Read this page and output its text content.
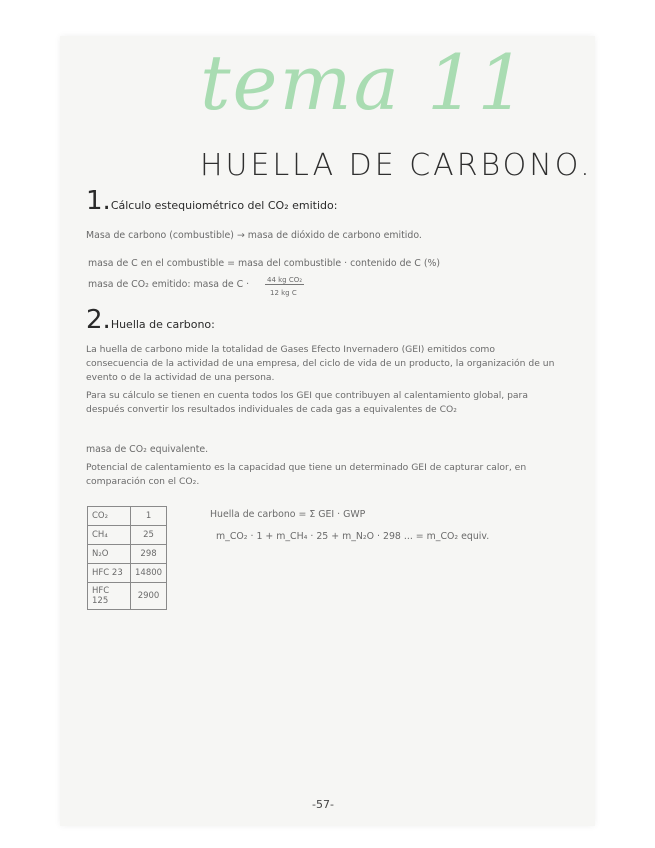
tema 11
HUELLA DE CARBONO.
1.Cálculo estequiométrico del CO₂ emitido:
Masa de carbono (combustible) → masa de dióxido de carbono emitido.
masa de C en el combustible = masa del combustible · contenido de C (%)
masa de CO₂ emitido: masa de C ·	44 kg CO₂
12 kg C
2.Huella de carbono:
La huella de carbono mide la totalidad de Gases Efecto Invernadero (GEI) emitidos como consecuencia de la actividad de una empresa, del ciclo de vida de un producto, la organización de un evento o de la actividad de una persona.
Para su cálculo se tienen en cuenta todos los GEI que contribuyen al calentamiento global, para después convertir los resultados individuales de cada gas a equivalentes de CO₂
masa de CO₂ equivalente.
Potencial de calentamiento es la capacidad que tiene un determinado GEI de capturar calor, en comparación con el CO₂.
CO₂	1
CH₄	25
N₂O	298
HFC 23	14800
HFC 125	2900
Huella de carbono = Σ GEI · GWP
m_CO₂ · 1 + m_CH₄ · 25 + m_N₂O · 298 ... = m_CO₂ equiv.
-57-
